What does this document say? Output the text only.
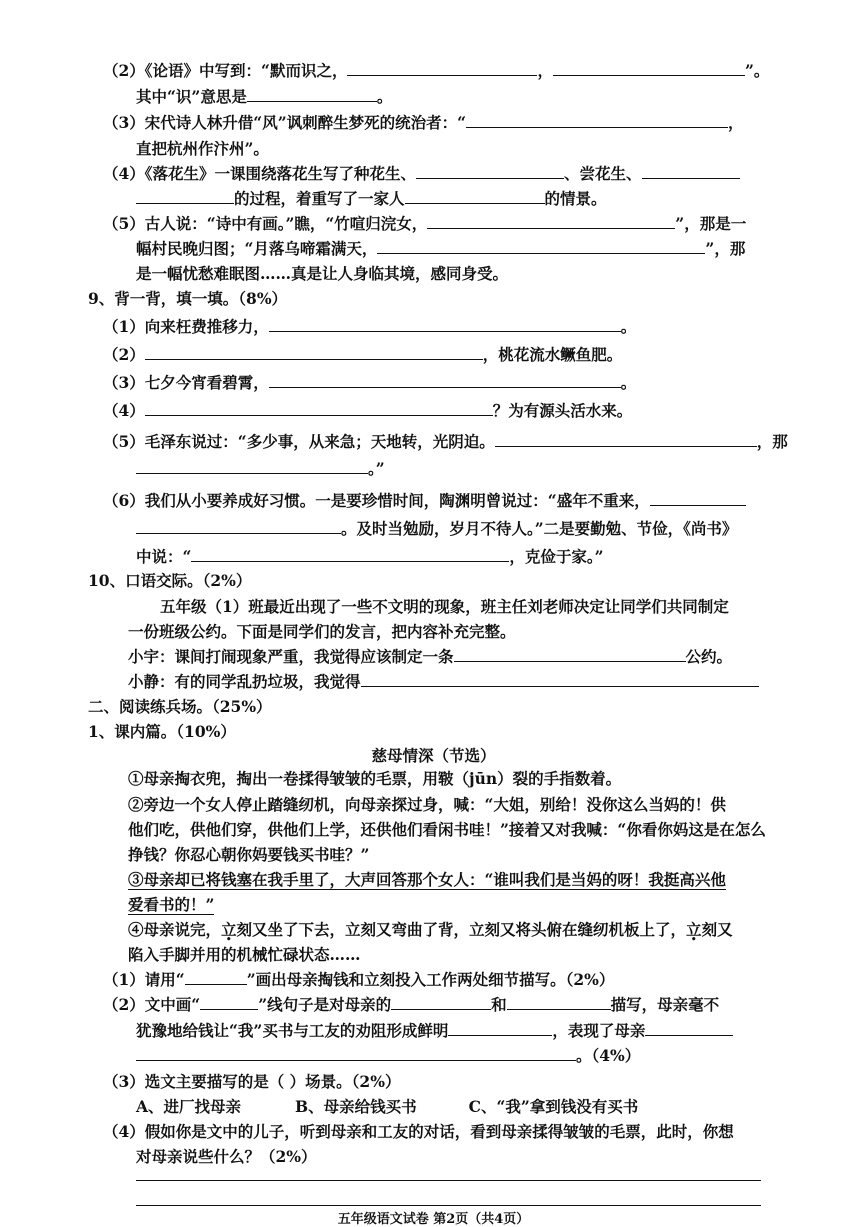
（2）《论语》中写到：“默而识之，	，	”。
其中“识”意思是	。
（3）宋代诗人林升借“风”讽刺醉生梦死的统治者：“	，
直把杭州作汴州”。
（4）《落花生》一课围绕落花生写了种花生、	、尝花生、
的过程，着重写了一家人	的情景。
（5）古人说：“诗中有画。”瞧，“竹喧归浣女，	”，那是一
幅村民晚归图；“月落乌啼霜满天，	”，那
是一幅忧愁难眠图……真是让人身临其境，感同身受。
9、背一背，填一填。（8%）
（1）向来枉费推移力，	。
（2）	，桃花流水鳜鱼肥。
（3）七夕今宵看碧霄，	。
（4）	？为有源头活水来。
（5）毛泽东说过：“多少事，从来急；天地转，光阴迫。	，那
。”
（6）我们从小要养成好习惯。一是要珍惜时间，陶渊明曾说过：“盛年不重来，
。及时当勉励，岁月不待人。”二是要勤勉、节俭，《尚书》
中说：“	，克俭于家。”
10、口语交际。（2%）
五年级（1）班最近出现了一些不文明的现象，班主任刘老师决定让同学们共同制定
一份班级公约。下面是同学们的发言，把内容补充完整。
小宇：课间打闹现象严重，我觉得应该制定一条	公约。
小静：有的同学乱扔垃圾，我觉得
二、阅读练兵场。（25%）
1、课内篇。（10%）
慈母情深（节选）
①母亲掏衣兜，掏出一卷揉得皱皱的毛票，用皲（jūn）裂的手指数着。
②旁边一个女人停止踏缝纫机，向母亲探过身，喊：“大姐，别给！没你这么当妈的！供
他们吃，供他们穿，供他们上学，还供他们看闲书哇！”接着又对我喊：“你看你妈这是在怎么
挣钱？你忍心朝你妈要钱买书哇？”
③母亲却已将钱塞在我手里了，大声回答那个女人：“谁叫我们是当妈的呀！我挺高兴他
爱看书的！”
④母亲说完，立刻又坐了下去，立刻又弯曲了背，立刻又将头俯在缝纫机板上了，立刻又
陷入手脚并用的机械忙碌状态……
（1）请用“	”画出母亲掏钱和立刻投入工作两处细节描写。（2%）
（2）文中画“	”线句子是对母亲的	和	描写，母亲毫不
犹豫地给钱让“我”买书与工友的劝阻形成鲜明	，表现了母亲
。（4%）
（3）选文主要描写的是（ ）场景。（2%）
A、进厂找母亲	B、母亲给钱买书	C、“我”拿到钱没有买书
（4）假如你是文中的儿子，听到母亲和工友的对话，看到母亲揉得皱皱的毛票，此时，你想
对母亲说些什么？（2%）
五年级语文试卷 第2页（共4页）
